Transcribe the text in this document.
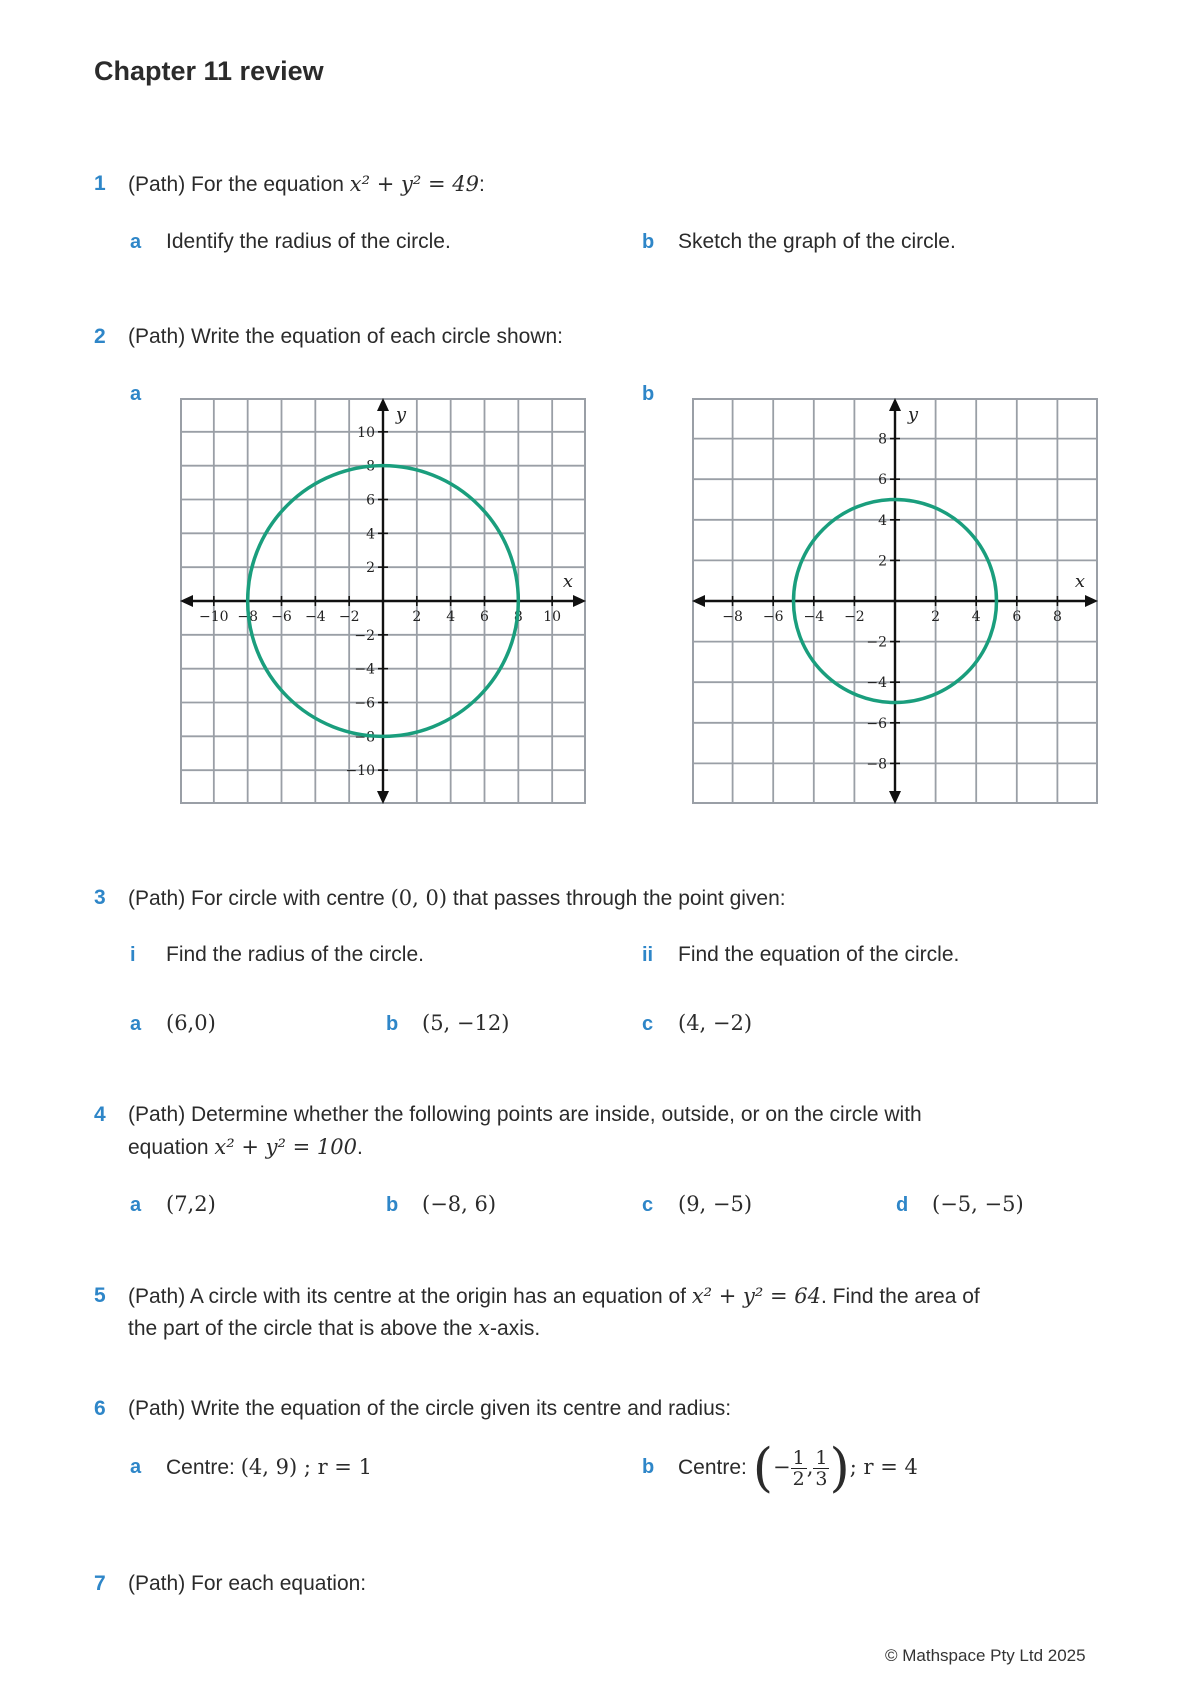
Chapter 11 review
1 (Path) For the equation x² + y² = 49:
a Identify the radius of the circle.	b Sketch the graph of the circle.
2 (Path) Write the equation of each circle shown:
a	b
−10 −8 −6 −4 −2	2 4 6 8 10
10
8
6
4
2
−2
−4
−6
−8
−10
x
y
−8 −6 −4 −2	2 4 6 8
8
6
4
2
−2
−4
−6
−8
x
y
3 (Path) For circle with centre (0, 0) that passes through the point given:
i Find the radius of the circle.	ii Find the equation of the circle.
a (6,0)	b (5, −12)	c (4, −2)
4 (Path) Determine whether the following points are inside, outside, or on the circle with
equation x² + y² = 100.
a (7,2)	b (−8, 6)	c (9, −5)	d (−5, −5)
5 (Path) A circle with its centre at the origin has an equation of x² + y² = 64. Find the area of
the part of the circle that is above the x-axis.
6 (Path) Write the equation of the circle given its centre and radius:
a Centre: (4, 9) ; r = 1	b Centre: (− $\frac{1}{2}$ , $\frac{1}{3}$ ); r = 4
7 (Path) For each equation:
© Mathspace Pty Ltd 2025
